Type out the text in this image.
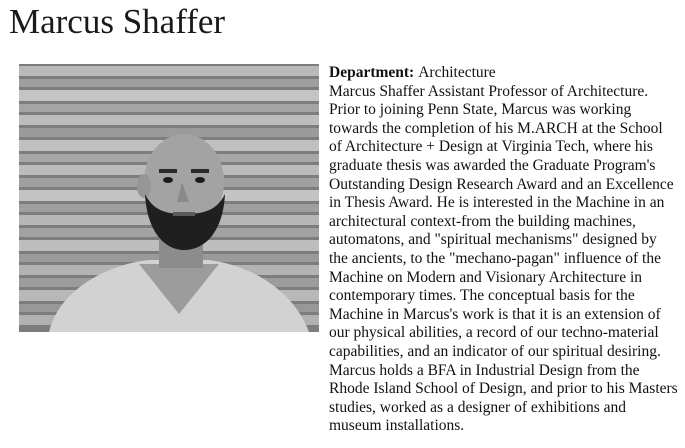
Marcus Shaffer

Department: Architecture

Marcus Shaffer Assistant Professor of Architecture. Prior to joining Penn State, Marcus was working towards the completion of his M.ARCH at the School of Architecture + Design at Virginia Tech, where his graduate thesis was awarded the Graduate Program's Outstanding Design Research Award and an Excellence in Thesis Award. He is interested in the Machine in an architectural context-from the building machines, automatons, and "spiritual mechanisms" designed by the ancients, to the "mechano-pagan" influence of the Machine on Modern and Visionary Architecture in contemporary times. The conceptual basis for the Machine in Marcus's work is that it is an extension of our physical abilities, a record of our techno-material capabilities, and an indicator of our spiritual desiring. Marcus holds a BFA in Industrial Design from the Rhode Island School of Design, and prior to his Masters studies, worked as a designer of exhibitions and museum installations.
